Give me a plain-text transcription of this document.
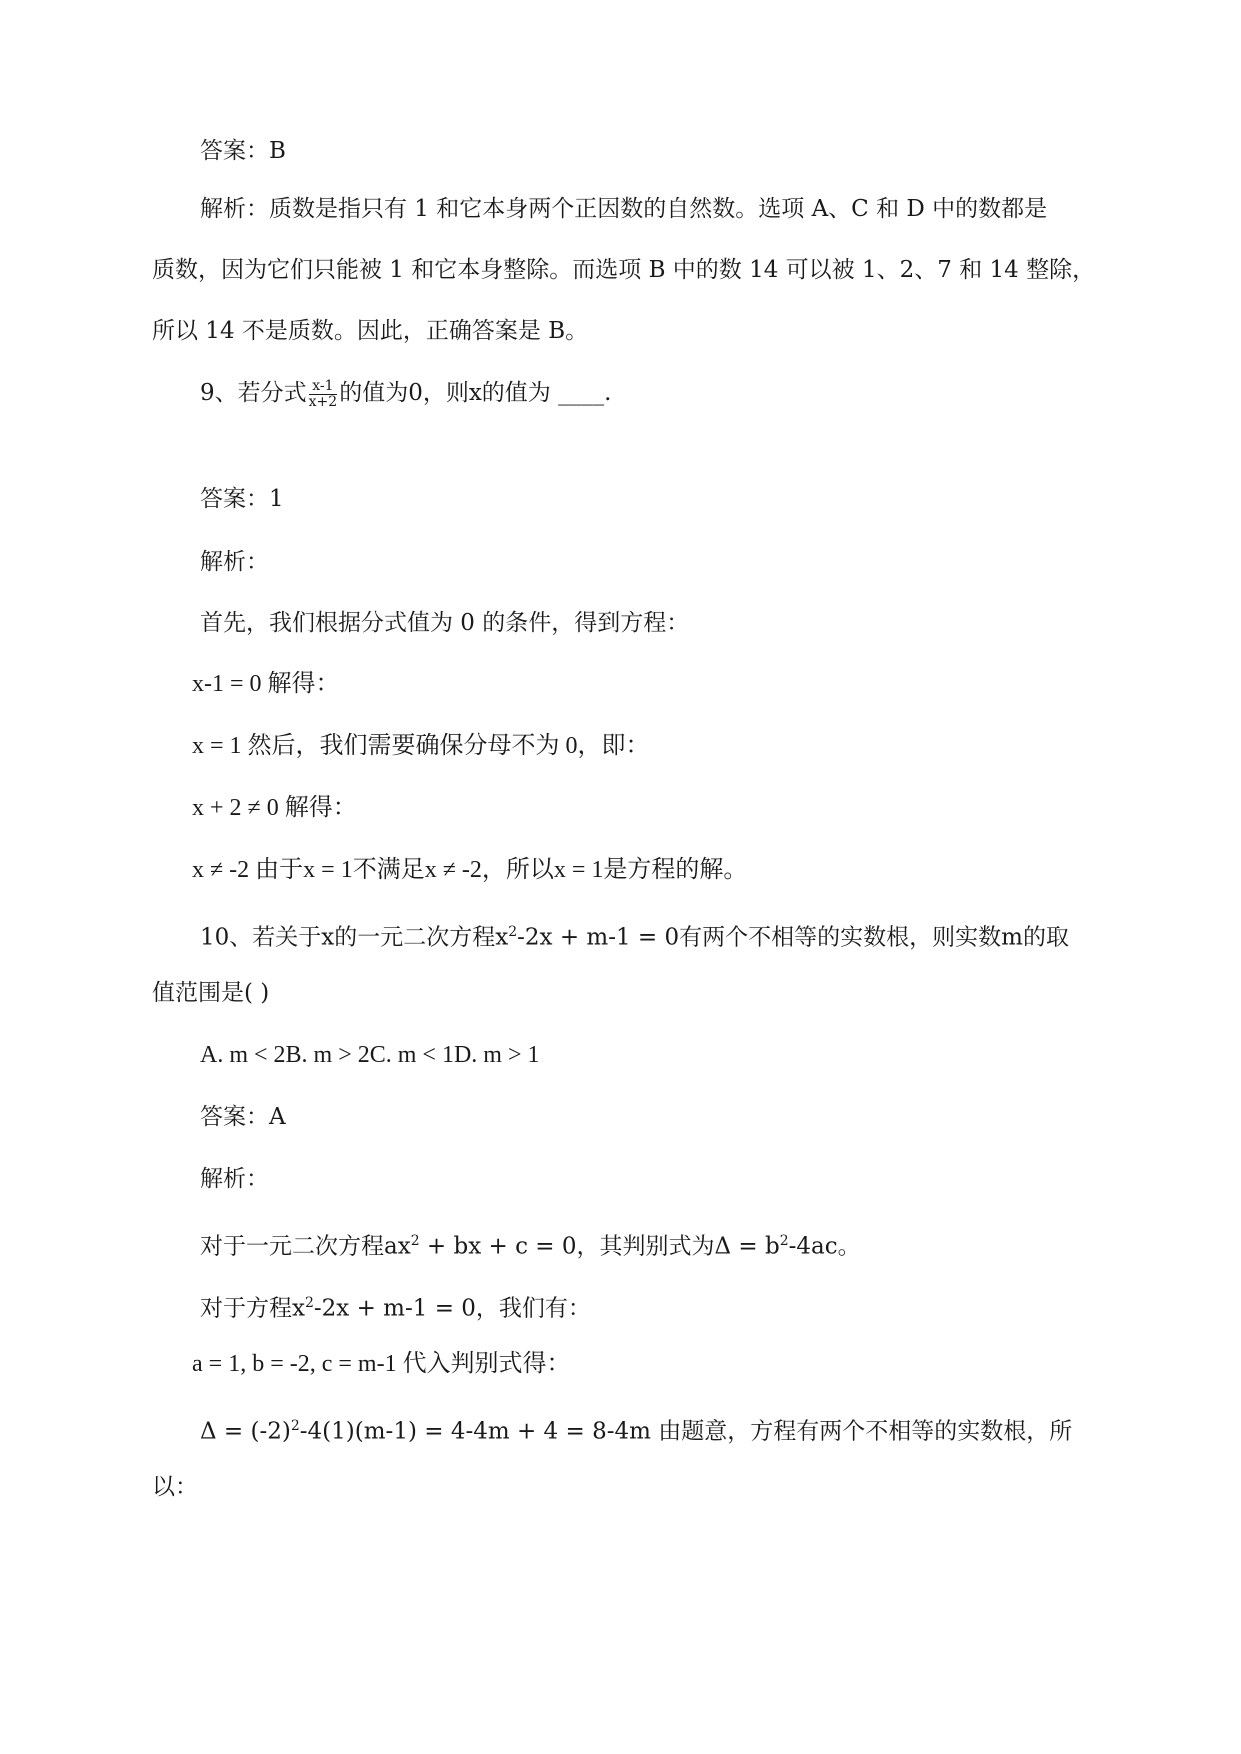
答案：B
解析：质数是指只有 1 和它本身两个正因数的自然数。选项 A、C 和 D 中的数都是
质数，因为它们只能被 1 和它本身整除。而选项 B 中的数 14 可以被 1、2、7 和 14 整除，
所以 14 不是质数。因此，正确答案是 B。
9、若分式 $\frac{x-1}{x+2}$ 的值为0，则x的值为 ____.
答案：1
解析：
首先，我们根据分式值为 0 的条件，得到方程：
x-1 = 0 解得：
x = 1 然后，我们需要确保分母不为 0，即：
x + 2 ≠ 0 解得：
x ≠ -2 由于x = 1不满足x ≠ -2，所以x = 1是方程的解。
10、若关于x的一元二次方程$x^2-2x + m-1 = 0$有两个不相等的实数根，则实数m的取
值范围是( )
A. m < 2B. m > 2C. m < 1D. m > 1
答案：A
解析：
对于一元二次方程$ax^2$ + bx + c = 0，其判别式为$\Delta = b^2-4ac$。
对于方程$x^2-2x + m-1 = 0$，我们有：
a = 1, b = -2, c = m-1 代入判别式得：
$\Delta = (-2)^2-4(1)(m-1) = 4-4m + 4 = 8-4m$ 由题意，方程有两个不相等的实数根，所
以：
